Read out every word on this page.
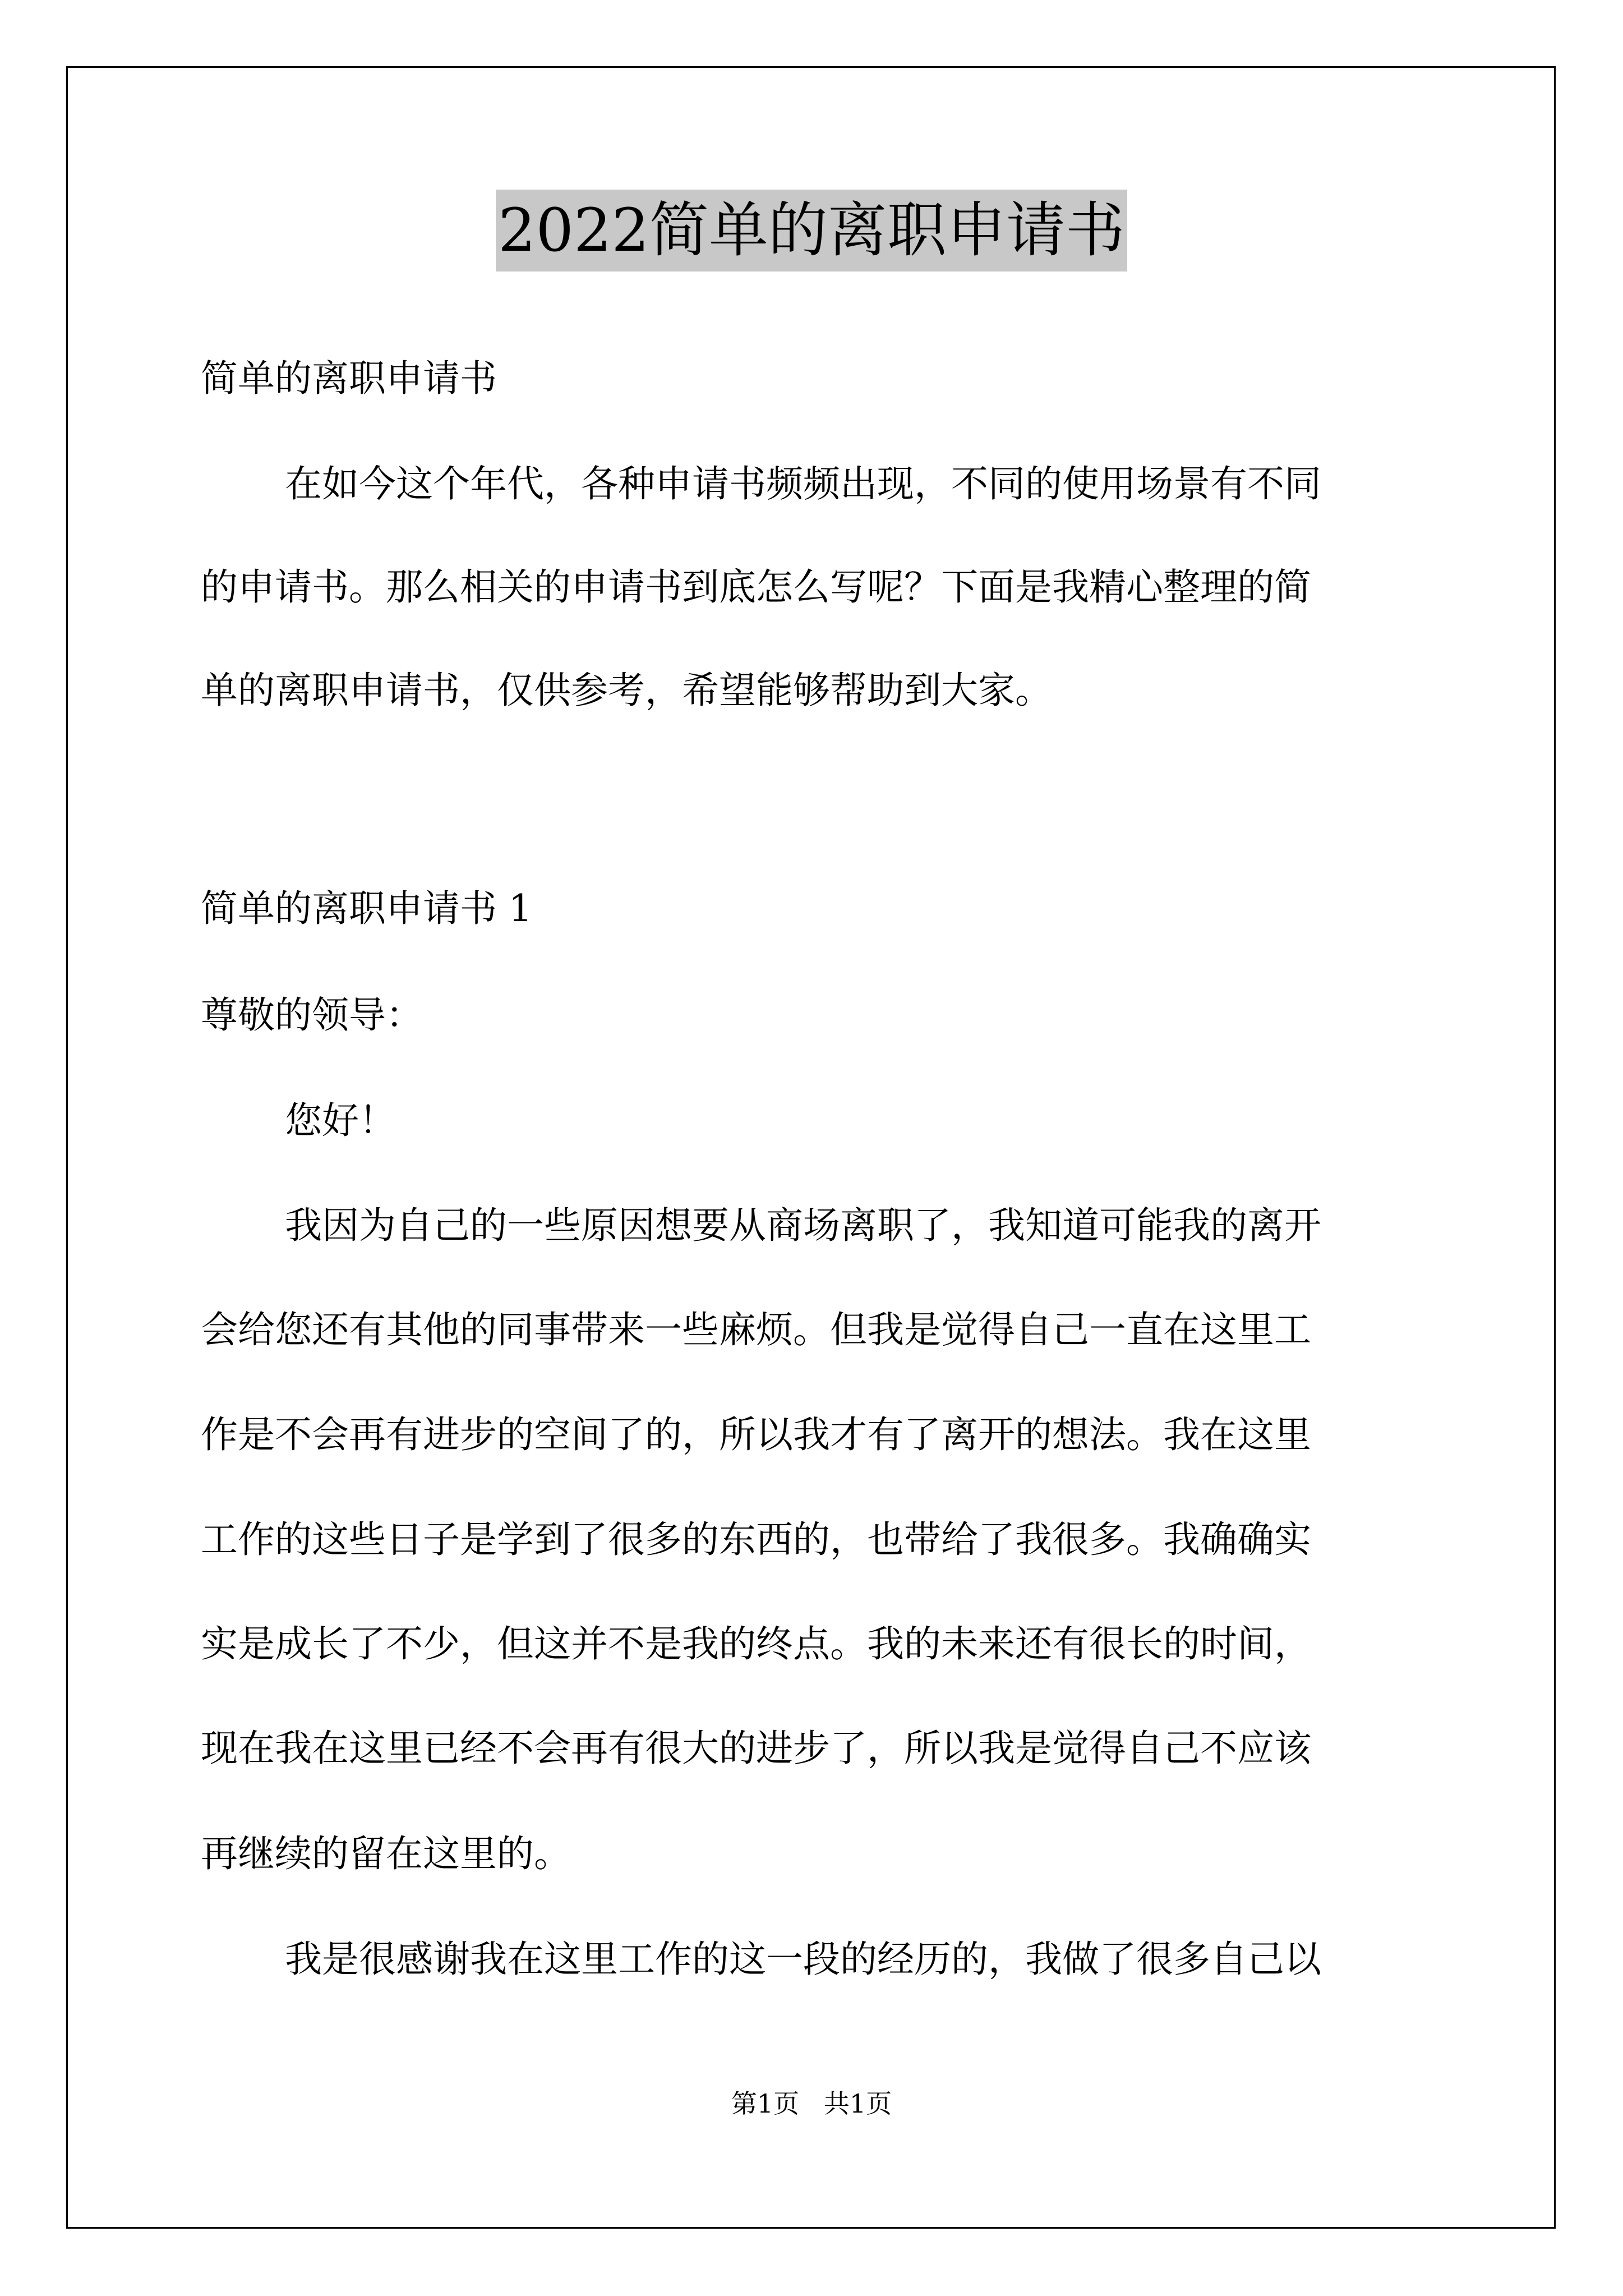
2022简单的离职申请书
简单的离职申请书
在如今这个年代，各种申请书频频出现，不同的使用场景有不同
的申请书。那么相关的申请书到底怎么写呢？下面是我精心整理的简
单的离职申请书，仅供参考，希望能够帮助到大家。
简单的离职申请书 1
尊敬的领导：
您好！
我因为自己的一些原因想要从商场离职了，我知道可能我的离开
会给您还有其他的同事带来一些麻烦。但我是觉得自己一直在这里工
作是不会再有进步的空间了的，所以我才有了离开的想法。我在这里
工作的这些日子是学到了很多的东西的，也带给了我很多。我确确实
实是成长了不少，但这并不是我的终点。我的未来还有很长的时间，
现在我在这里已经不会再有很大的进步了，所以我是觉得自己不应该
再继续的留在这里的。
我是很感谢我在这里工作的这一段的经历的，我做了很多自己以
第1页   共1页
